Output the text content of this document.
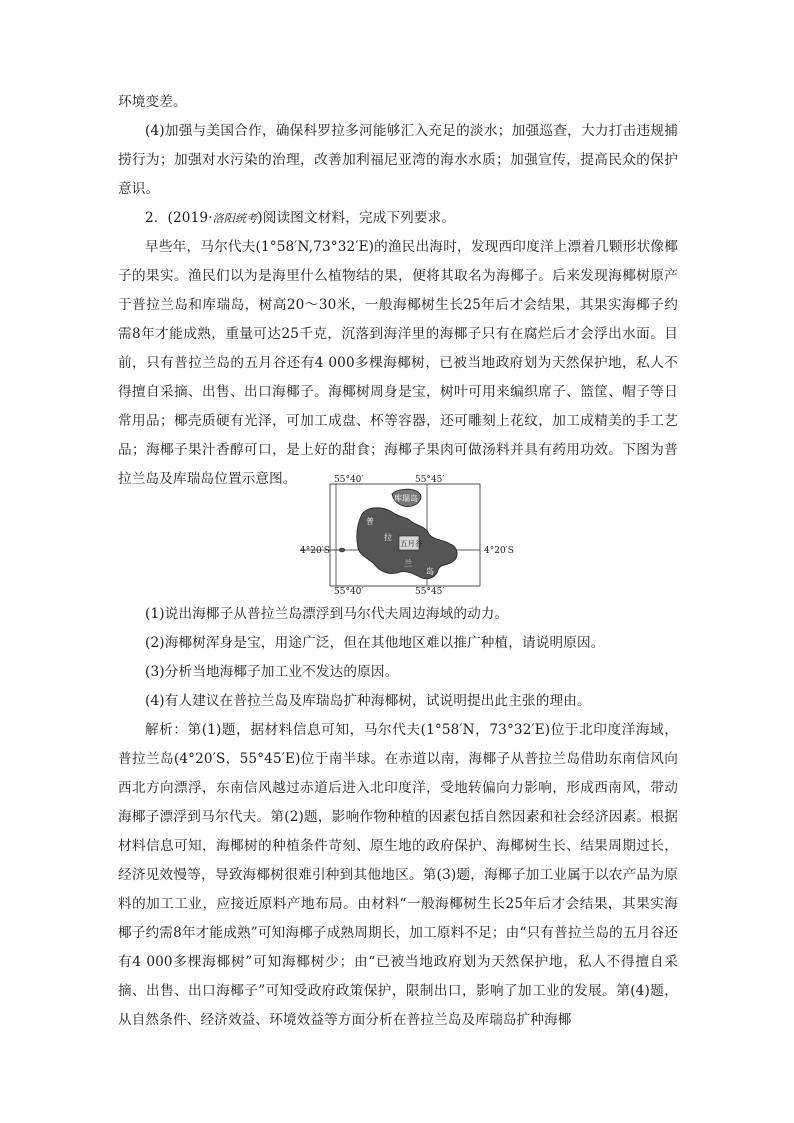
环境变差。

(4)加强与美国合作，确保科罗拉多河能够汇入充足的淡水；加强巡查，大力打击违规捕捞行为；加强对水污染的治理，改善加利福尼亚湾的海水水质；加强宣传，提高民众的保护意识。

2．(2019·洛阳统考)阅读图文材料，完成下列要求。

早些年，马尔代夫(1°58′N,73°32′E)的渔民出海时，发现西印度洋上漂着几颗形状像椰子的果实。渔民们以为是海里什么植物结的果，便将其取名为海椰子。后来发现海椰树原产于普拉兰岛和库瑞岛，树高20～30米，一般海椰树生长25年后才会结果，其果实海椰子约需8年才能成熟，重量可达25千克，沉落到海洋里的海椰子只有在腐烂后才会浮出水面。目前，只有普拉兰岛的五月谷还有4 000多棵海椰树，已被当地政府划为天然保护地，私人不得擅自采摘、出售、出口海椰子。海椰树周身是宝，树叶可用来编织席子、篮筐、帽子等日常用品；椰壳质硬有光泽，可加工成盘、杯等容器，还可雕刻上花纹，加工成精美的手工艺品；海椰子果汁香醇可口，是上好的甜食；海椰子果肉可做汤料并具有药用功效。下图为普拉兰岛及库瑞岛位置示意图。	55°40′	55°45′
55°40′	55°45′
4°20′S	4°20′S
库瑞岛
普
拉
兰
岛
五月谷

(1)说出海椰子从普拉兰岛漂浮到马尔代夫周边海域的动力。

(2)海椰树浑身是宝，用途广泛，但在其他地区难以推广种植，请说明原因。

(3)分析当地海椰子加工业不发达的原因。

(4)有人建议在普拉兰岛及库瑞岛扩种海椰树，试说明提出此主张的理由。

解析：第(1)题，据材料信息可知，马尔代夫(1°58′N，73°32′E)位于北印度洋海域，普拉兰岛(4°20′S，55°45′E)位于南半球。在赤道以南，海椰子从普拉兰岛借助东南信风向西北方向漂浮，东南信风越过赤道后进入北印度洋，受地转偏向力影响，形成西南风，带动海椰子漂浮到马尔代夫。第(2)题，影响作物种植的因素包括自然因素和社会经济因素。根据材料信息可知，海椰树的种植条件苛刻、原生地的政府保护、海椰树生长、结果周期过长，经济见效慢等，导致海椰树很难引种到其他地区。第(3)题，海椰子加工业属于以农产品为原料的加工工业，应接近原料产地布局。由材料“一般海椰树生长25年后才会结果，其果实海椰子约需8年才能成熟”可知海椰子成熟周期长，加工原料不足；由“只有普拉兰岛的五月谷还有4 000多棵海椰树”可知海椰树少；由“已被当地政府划为天然保护地，私人不得擅自采摘、出售、出口海椰子”可知受政府政策保护，限制出口，影响了加工业的发展。第(4)题，从自然条件、经济效益、环境效益等方面分析在普拉兰岛及库瑞岛扩种海椰
